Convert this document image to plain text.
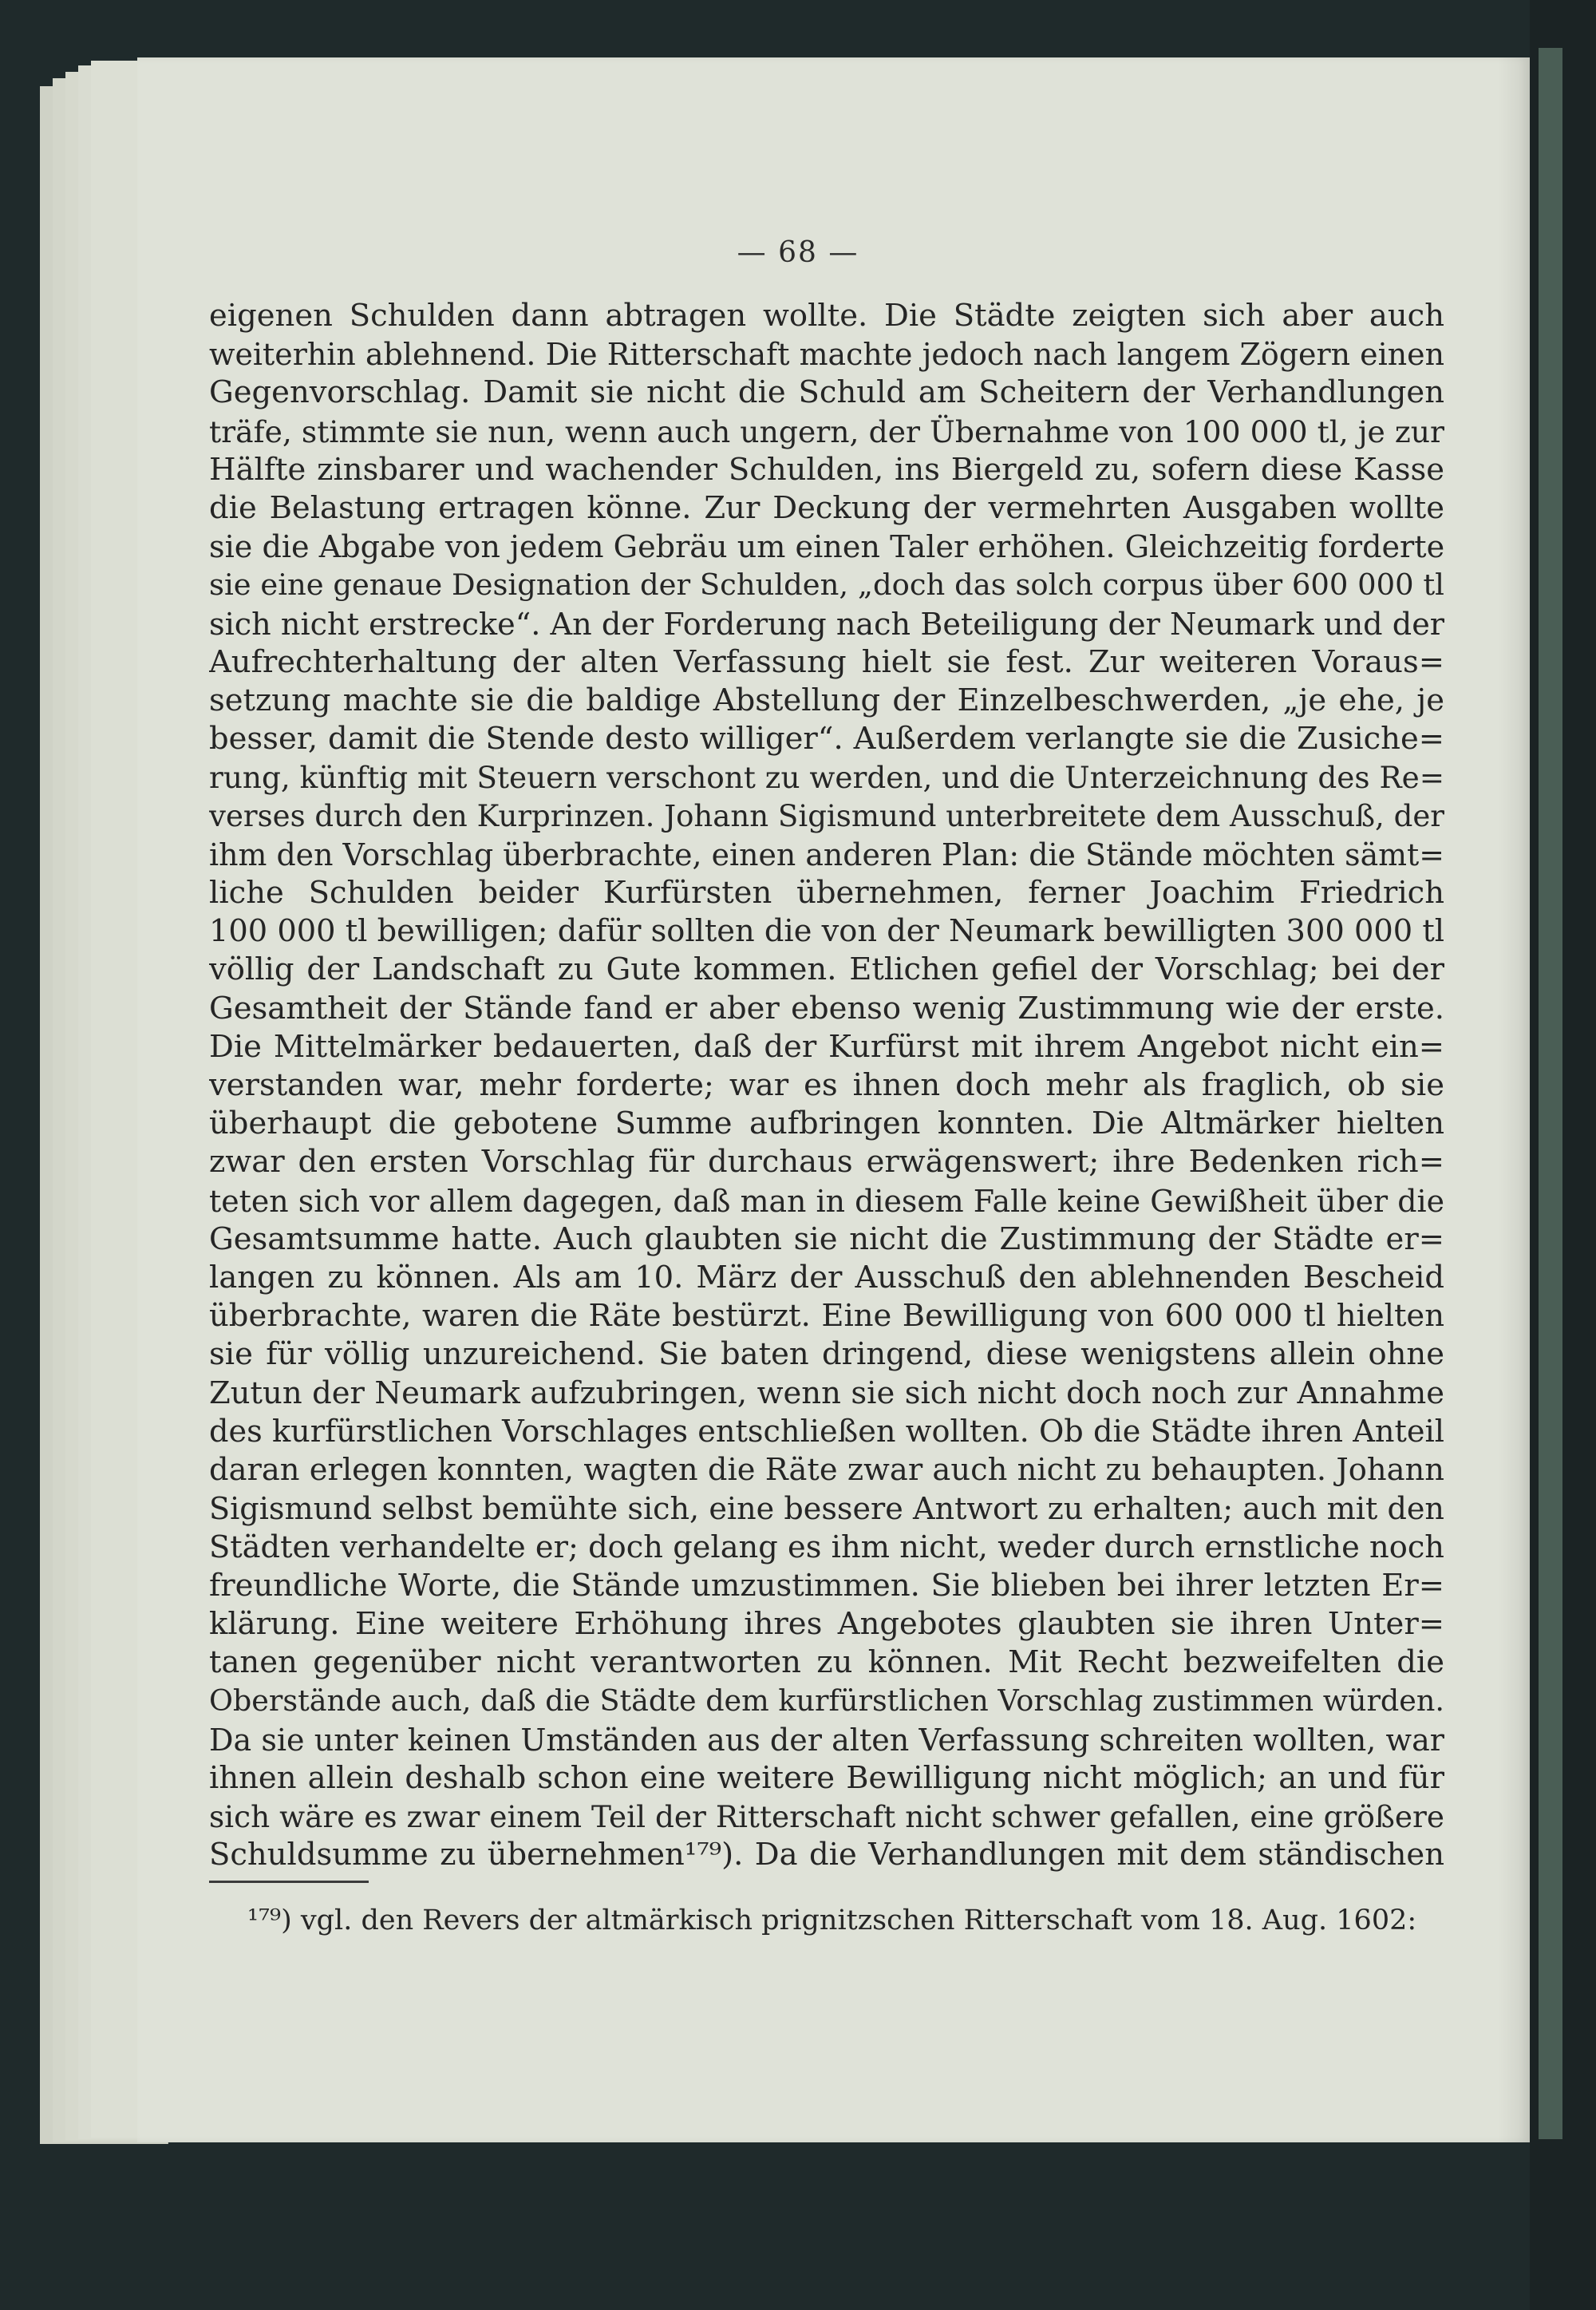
— 68 —
eigenen Schulden dann abtragen wollte. Die Städte zeigten sich aber auch
weiterhin ablehnend. Die Ritterschaft machte jedoch nach langem Zögern einen
Gegenvorschlag. Damit sie nicht die Schuld am Scheitern der Verhandlungen
träfe, stimmte sie nun, wenn auch ungern, der Übernahme von 100 000 tl, je zur
Hälfte zinsbarer und wachender Schulden, ins Biergeld zu, sofern diese Kasse
die Belastung ertragen könne. Zur Deckung der vermehrten Ausgaben wollte
sie die Abgabe von jedem Gebräu um einen Taler erhöhen. Gleichzeitig forderte
sie eine genaue Designation der Schulden, „doch das solch corpus über 600 000 tl
sich nicht erstrecke“. An der Forderung nach Beteiligung der Neumark und der
Aufrechterhaltung der alten Verfassung hielt sie fest. Zur weiteren Voraus=
setzung machte sie die baldige Abstellung der Einzelbeschwerden, „je ehe, je
besser, damit die Stende desto williger“. Außerdem verlangte sie die Zusiche=
rung, künftig mit Steuern verschont zu werden, und die Unterzeichnung des Re=
verses durch den Kurprinzen. Johann Sigismund unterbreitete dem Ausschuß, der
ihm den Vorschlag überbrachte, einen anderen Plan: die Stände möchten sämt=
liche Schulden beider Kurfürsten übernehmen, ferner Joachim Friedrich
100 000 tl bewilligen; dafür sollten die von der Neumark bewilligten 300 000 tl
völlig der Landschaft zu Gute kommen. Etlichen gefiel der Vorschlag; bei der
Gesamtheit der Stände fand er aber ebenso wenig Zustimmung wie der erste.
Die Mittelmärker bedauerten, daß der Kurfürst mit ihrem Angebot nicht ein=
verstanden war, mehr forderte; war es ihnen doch mehr als fraglich, ob sie
überhaupt die gebotene Summe aufbringen konnten. Die Altmärker hielten
zwar den ersten Vorschlag für durchaus erwägenswert; ihre Bedenken rich=
teten sich vor allem dagegen, daß man in diesem Falle keine Gewißheit über die
Gesamtsumme hatte. Auch glaubten sie nicht die Zustimmung der Städte er=
langen zu können. Als am 10. März der Ausschuß den ablehnenden Bescheid
überbrachte, waren die Räte bestürzt. Eine Bewilligung von 600 000 tl hielten
sie für völlig unzureichend. Sie baten dringend, diese wenigstens allein ohne
Zutun der Neumark aufzubringen, wenn sie sich nicht doch noch zur Annahme
des kurfürstlichen Vorschlages entschließen wollten. Ob die Städte ihren Anteil
daran erlegen konnten, wagten die Räte zwar auch nicht zu behaupten. Johann
Sigismund selbst bemühte sich, eine bessere Antwort zu erhalten; auch mit den
Städten verhandelte er; doch gelang es ihm nicht, weder durch ernstliche noch
freundliche Worte, die Stände umzustimmen. Sie blieben bei ihrer letzten Er=
klärung. Eine weitere Erhöhung ihres Angebotes glaubten sie ihren Unter=
tanen gegenüber nicht verantworten zu können. Mit Recht bezweifelten die
Oberstände auch, daß die Städte dem kurfürstlichen Vorschlag zustimmen würden.
Da sie unter keinen Umständen aus der alten Verfassung schreiten wollten, war
ihnen allein deshalb schon eine weitere Bewilligung nicht möglich; an und für
sich wäre es zwar einem Teil der Ritterschaft nicht schwer gefallen, eine größere
Schuldsumme zu übernehmen¹⁷⁹). Da die Verhandlungen mit dem ständischen
¹⁷⁹) vgl. den Revers der altmärkisch prignitzschen Ritterschaft vom 18. Aug. 1602:
